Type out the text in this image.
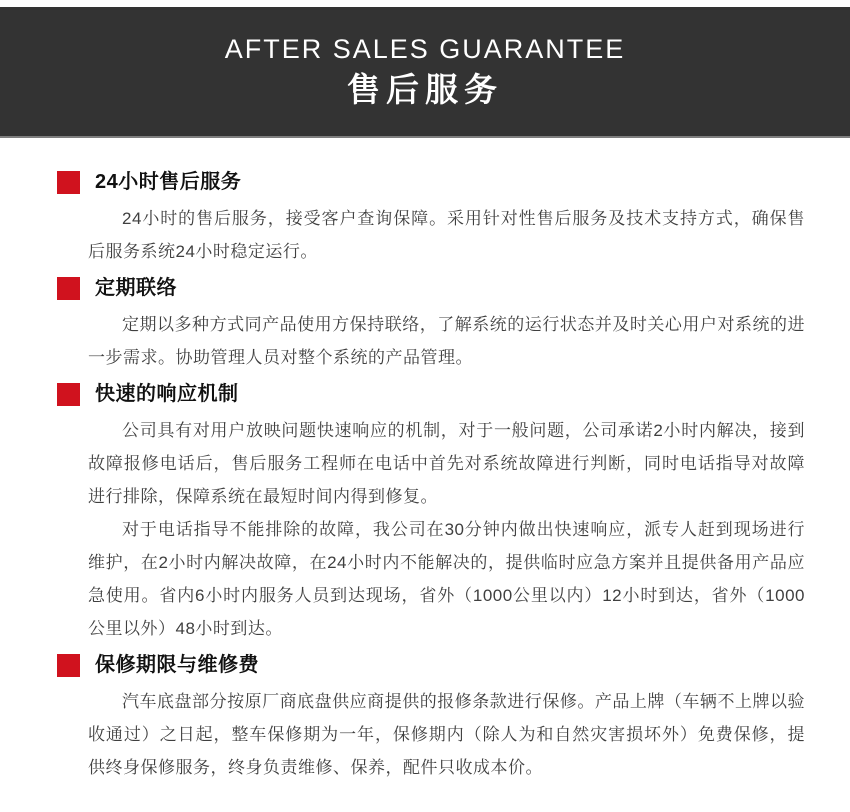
AFTER SALES GUARANTEE
售后服务
24小时售后服务

24小时的售后服务，接受客户查询保障。采用针对性售后服务及技术支持方式，确保售后服务系统24小时稳定运行。

定期联络

定期以多种方式同产品使用方保持联络，了解系统的运行状态并及时关心用户对系统的进一步需求。协助管理人员对整个系统的产品管理。

快速的响应机制

公司具有对用户放映问题快速响应的机制，对于一般问题，公司承诺2小时内解决，接到故障报修电话后，售后服务工程师在电话中首先对系统故障进行判断，同时电话指导对故障进行排除，保障系统在最短时间内得到修复。

对于电话指导不能排除的故障，我公司在30分钟内做出快速响应，派专人赶到现场进行维护，在2小时内解决故障，在24小时内不能解决的，提供临时应急方案并且提供备用产品应急使用。省内6小时内服务人员到达现场，省外（1000公里以内）12小时到达，省外（1000公里以外）48小时到达。

保修期限与维修费

汽车底盘部分按原厂商底盘供应商提供的报修条款进行保修。产品上牌（车辆不上牌以验收通过）之日起，整车保修期为一年，保修期内（除人为和自然灾害损坏外）免费保修，提供终身保修服务，终身负责维修、保养，配件只收成本价。
